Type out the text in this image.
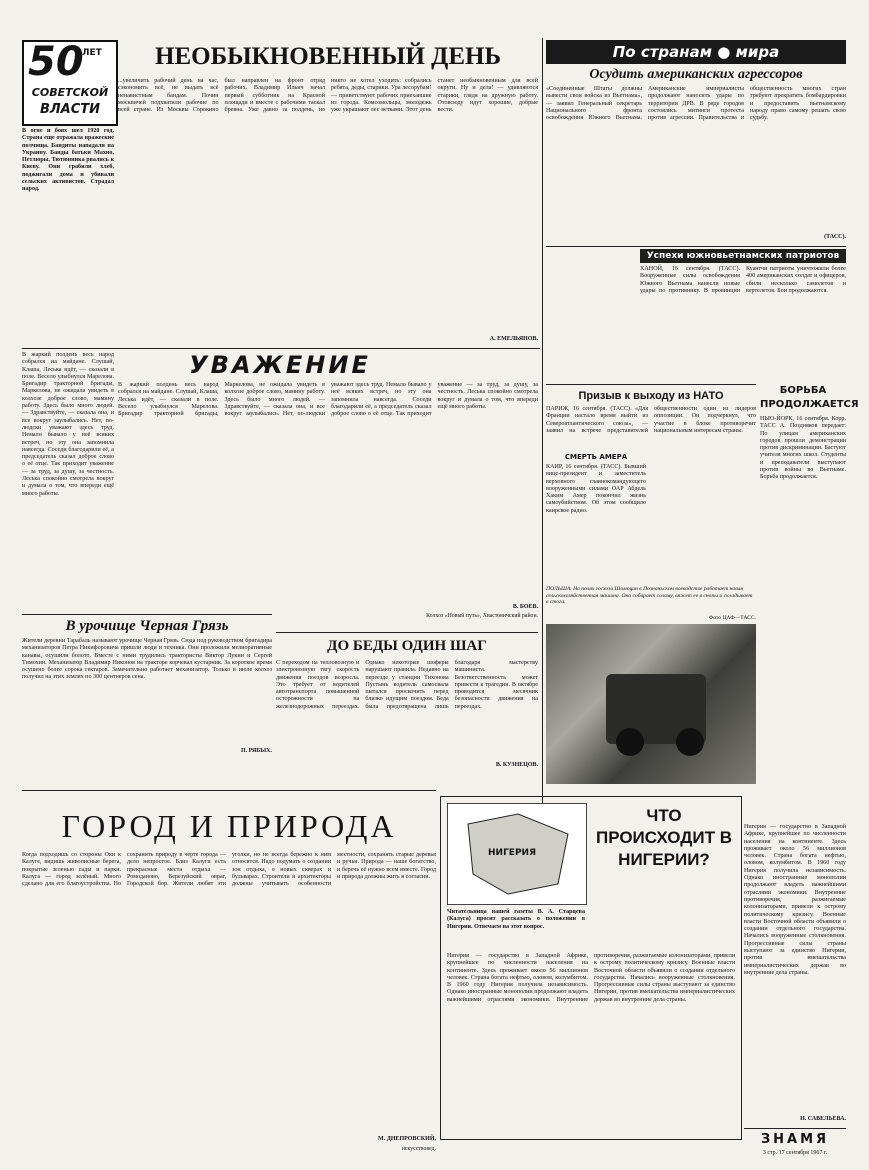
50
ЛЕТ
СОВЕТСКОЙ
ВЛАСТИ
НЕОБЫКНОВЕННЫЙ ДЕНЬ
В огне и боях шел 1920 год. Страна еще отражала вражеские полчища. Бандиты нападали на Украину. Банды батьки Махно, Петлюры, Тютюнника рвались к Киеву. Они грабили хлеб, поджигали дома и убивали сельских активистов. Страдал народ.
...увеличить рабочий день на час, сэкономить всё, не выдать всё ненавистным бандам. Почин москвичей подхватили рабочие по всей стране. Из Москвы Сорокино был направлен на фронт отряд рабочих. Владимир Ильич начал первый субботник на Красной площади и вместе с рабочими таскал бревна. Уже давно за полдень, но никто не хотел уходить: собрались ребята, деды, старики. Ура лесорубам! — приветствуют рабочих приехавшие из города. Комсомольцы, молодежь уже украшают лес ветками. Этот день станет необыкновенным для всей округи. Ну и дела! — удивляются старики, глядя на дружную работу. Отовсюду идут хорошие, добрые вести.
А. ЕМЕЛЬЯНОВ.
По странам ● мира
Осудить американских агрессоров
«Соединенные Штаты должны вывести свои войска из Вьетнама», — заявил Генеральный секретарь Национального фронта освобождения Южного Вьетнама. Американские империалисты продолжают наносить удары по территории ДРВ. В ряде городов состоялись митинги протеста против агрессии. Правительства и общественность многих стран требуют прекратить бомбардировки и предоставить вьетнамскому народу право самому решать свою судьбу.
(ТАСС).
Успехи южновьетнамских патриотов
ХАНОЙ, 16 сентября. (ТАСС). Вооруженные силы освобождения Южного Вьетнама нанесли новые удары по противнику. В провинции Куангчи патриоты уничтожили более 400 американских солдат и офицеров, сбили несколько самолетов и вертелетов. Бои продолжаются.
БОРЬБА ПРОДОЛЖАЕТСЯ
НЬЮ-ЙОРК, 16 сентября. Корр. ТАСС А. Поздняков передает: По улицам американских городов прошли демонстрации против дискриминации. Бастуют учителя многих школ. Студенты и преподаватели выступают против войны во Вьетнаме. Борьба продолжается.
УВАЖЕНИЕ
В жаркий полдень весь народ собрался на майдане. Слушай, Клаша, Леська идёт, — сказали в поле. Весело улыбнулся Марелова. Бригадир тракторной бригады, Маркелова, не ожидала увидеть в колхозе доброе слово, мамину работу. Здесь было много людей. — Здравствуйте, — сказала она, и все вокруг заулыбались. Нет, по-людски уважают здесь труд. Немало бывало у неё всяких встреч, но эту она запомнила навсегда. Соседи благодарили её, а председатель сказал доброе слово о её отце. Так приходит уважение — за труд, за душу, за честность. Леська спокойно смотрела вокруг и думала о том, что впереди ещё много работы.
В жаркий полдень весь народ собрался на майдане. Слушай, Клаша, Леська идёт, — сказали в поле. Весело улыбнулся Марелова. Бригадир тракторной бригады, Маркелова, не ожидала увидеть в колхозе доброе слово, мамину работу. Здесь было много людей. — Здравствуйте, — сказала она, и все вокруг заулыбались. Нет, по-людски уважают здесь труд. Немало бывало у неё всяких встреч, но эту она запомнила навсегда. Соседи благодарили её, а председатель сказал доброе слово о её отце. Так приходит уважение — за труд, за душу, за честность. Леська спокойно смотрела вокруг и думала о том, что впереди ещё много работы.
В. БОЕВ.
Колхоз «Новый путь», Хвастовичский район.
В урочище Черная Грязь
Жители деревни Тарабаль называют урочище Черная Грязь. Сюда под руководством бригадира механизаторов Петра Никифоровича пришли люди и техника. Они проложили мелиоративные канавы, осушили болото. Вместе с ними трудились трактористы Виктор Лукин и Сергей Тимохин. Механизатор Владимир Никонов на тракторе корчевал кустарник. За короткое время осушено более сорока гектаров. Замечательно работает механизатор. Только в июле колхоз получил на этих землях по 300 центнеров сена.
П. РЯБЫХ.
ДО БЕДЫ ОДИН ШАГ
С переходом на тепловозную и электровозную тягу скорость движения поездов возросла. Это требует от водителей автотранспорта повышенной осторожности на железнодорожных переездах. Однако некоторые шоферы нарушают правила. Недавно на переезде у станции Тихонова Пустынь водитель самосвала пытался проскочить перед близко идущим поездом. Беда была предотвращена лишь благодаря мастерству машиниста. Безответственность может привести к трагедии. В октябре проводится месячник безопасности движения на переездах.
В. КУЗНЕЦОВ.
Призыв к выходу из НАТО
ПАРИЖ, 16 сентября. (ТАСС). «Для Франции настало время выйти из Североатлантического союза», — заявил на встрече представителей общественности один из лидеров оппозиции. Он подчеркнул, что участие в блоке противоречит национальным интересам страны.
СМЕРТЬ АМЕРА
КАИР, 16 сентября. (ТАСС). Бывший вице-президент и заместитель верховного главнокомандующего вооруженными силами ОАР Абдель Хаким Амер покончил жизнь самоубийством. Об этом сообщило каирское радио.
ПОЛЬША. На полях госхоза Шамоцин в Познаньском воеводстве работает новая сельскохозяйственная машина. Она собирает солому, вяжет ее в снопы и складывает в стога.
Фото ЦАФ—ТАСС.
ГОРОД И ПРИРОДА
Когда подходишь со стороны Оки к Калуге, видишь живописные берега, покрытые зеленью сады и парки. Калуга — город зелёный. Много сделано для его благоустройства. Но сохранить природу в черте города — дело непростое. Близ Калуги есть прекрасные места отдыха — Ромоданово, Березуйский овраг, Городской бор. Жители любят эти уголки, но не всегда бережно к ним относятся. Надо подумать о создании зон отдыха, о новых скверах и бульварах. Строители и архитекторы должны учитывать особенности местности, сохранять старые деревья и ручьи. Природа — наше богатство, и беречь её нужно всем вместе. Город и природа должны жить в согласии.
М. ДНЕПРОВСКИЙ,
искусствовед.
ЧТО ПРОИСХОДИТ В НИГЕРИИ?
НИГЕРИЯ
Читательница нашей газеты В. А. Старцева (Калуга) просит рассказать о положении в Нигерии. Отвечаем на этот вопрос.
Нигерия — государство в Западной Африке, крупнейшее по численности населения на континенте. Здесь проживает около 56 миллионов человек. Страна богата нефтью, оловом, колумбитом. В 1960 году Нигерия получила независимость. Однако иностранные монополии продолжают владеть важнейшими отраслями экономики. Внутренние противоречия, разжигаемые колонизаторами, привели к острому политическому кризису. Военные власти Восточной области объявили о создании отдельного государства. Начались вооруженные столкновения. Прогрессивные силы страны выступают за единство Нигерии, против вмешательства империалистических держав во внутренние дела страны.
Нигерия — государство в Западной Африке, крупнейшее по численности населения на континенте. Здесь проживает около 56 миллионов человек. Страна богата нефтью, оловом, колумбитом. В 1960 году Нигерия получила независимость. Однако иностранные монополии продолжают владеть важнейшими отраслями экономики. Внутренние противоречия, разжигаемые колонизаторами, привели к острому политическому кризису. Военные власти Восточной области объявили о создании отдельного государства. Начались вооруженные столкновения. Прогрессивные силы страны выступают за единство Нигерии, против вмешательства империалистических держав во внутренние дела страны.
Н. САВЕЛЬЕВА.
ЗНАМЯ
3 стр. 17 сентября 1967 г.
